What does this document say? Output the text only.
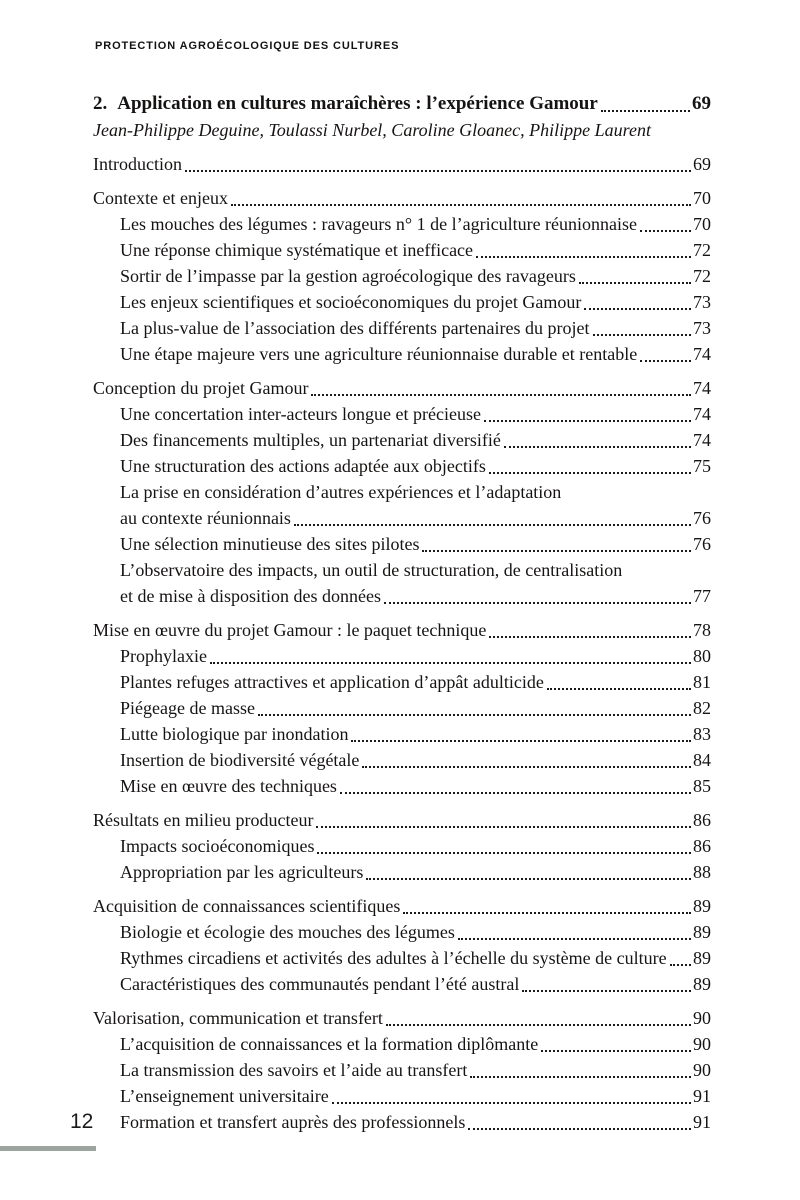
PROTECTION AGROÉCOLOGIQUE DES CULTURES
2. Application en cultures maraîchères : l’expérience Gamour	69
Jean-Philippe Deguine, Toulassi Nurbel, Caroline Gloanec, Philippe Laurent
Introduction	69
Contexte et enjeux	70
Les mouches des légumes : ravageurs n° 1 de l’agriculture réunionnaise	70
Une réponse chimique systématique et inefficace	72
Sortir de l’impasse par la gestion agroécologique des ravageurs	72
Les enjeux scientifiques et socioéconomiques du projet Gamour	73
La plus-value de l’association des différents partenaires du projet	73
Une étape majeure vers une agriculture réunionnaise durable et rentable	74
Conception du projet Gamour	74
Une concertation inter-acteurs longue et précieuse	74
Des financements multiples, un partenariat diversifié	74
Une structuration des actions adaptée aux objectifs	75
La prise en considération d’autres expériences et l’adaptation
au contexte réunionnais	76
Une sélection minutieuse des sites pilotes	76
L’observatoire des impacts, un outil de structuration, de centralisation
et de mise à disposition des données	77
Mise en œuvre du projet Gamour : le paquet technique	78
Prophylaxie	80
Plantes refuges attractives et application d’appât adulticide	81
Piégeage de masse	82
Lutte biologique par inondation	83
Insertion de biodiversité végétale	84
Mise en œuvre des techniques	85
Résultats en milieu producteur	86
Impacts socioéconomiques	86
Appropriation par les agriculteurs	88
Acquisition de connaissances scientifiques	89
Biologie et écologie des mouches des légumes	89
Rythmes circadiens et activités des adultes à l’échelle du système de culture 89
Caractéristiques des communautés pendant l’été austral	89
Valorisation, communication et transfert	90
L’acquisition de connaissances et la formation diplômante	90
La transmission des savoirs et l’aide au transfert	90
L’enseignement universitaire	91
Formation et transfert auprès des professionnels	91
12
